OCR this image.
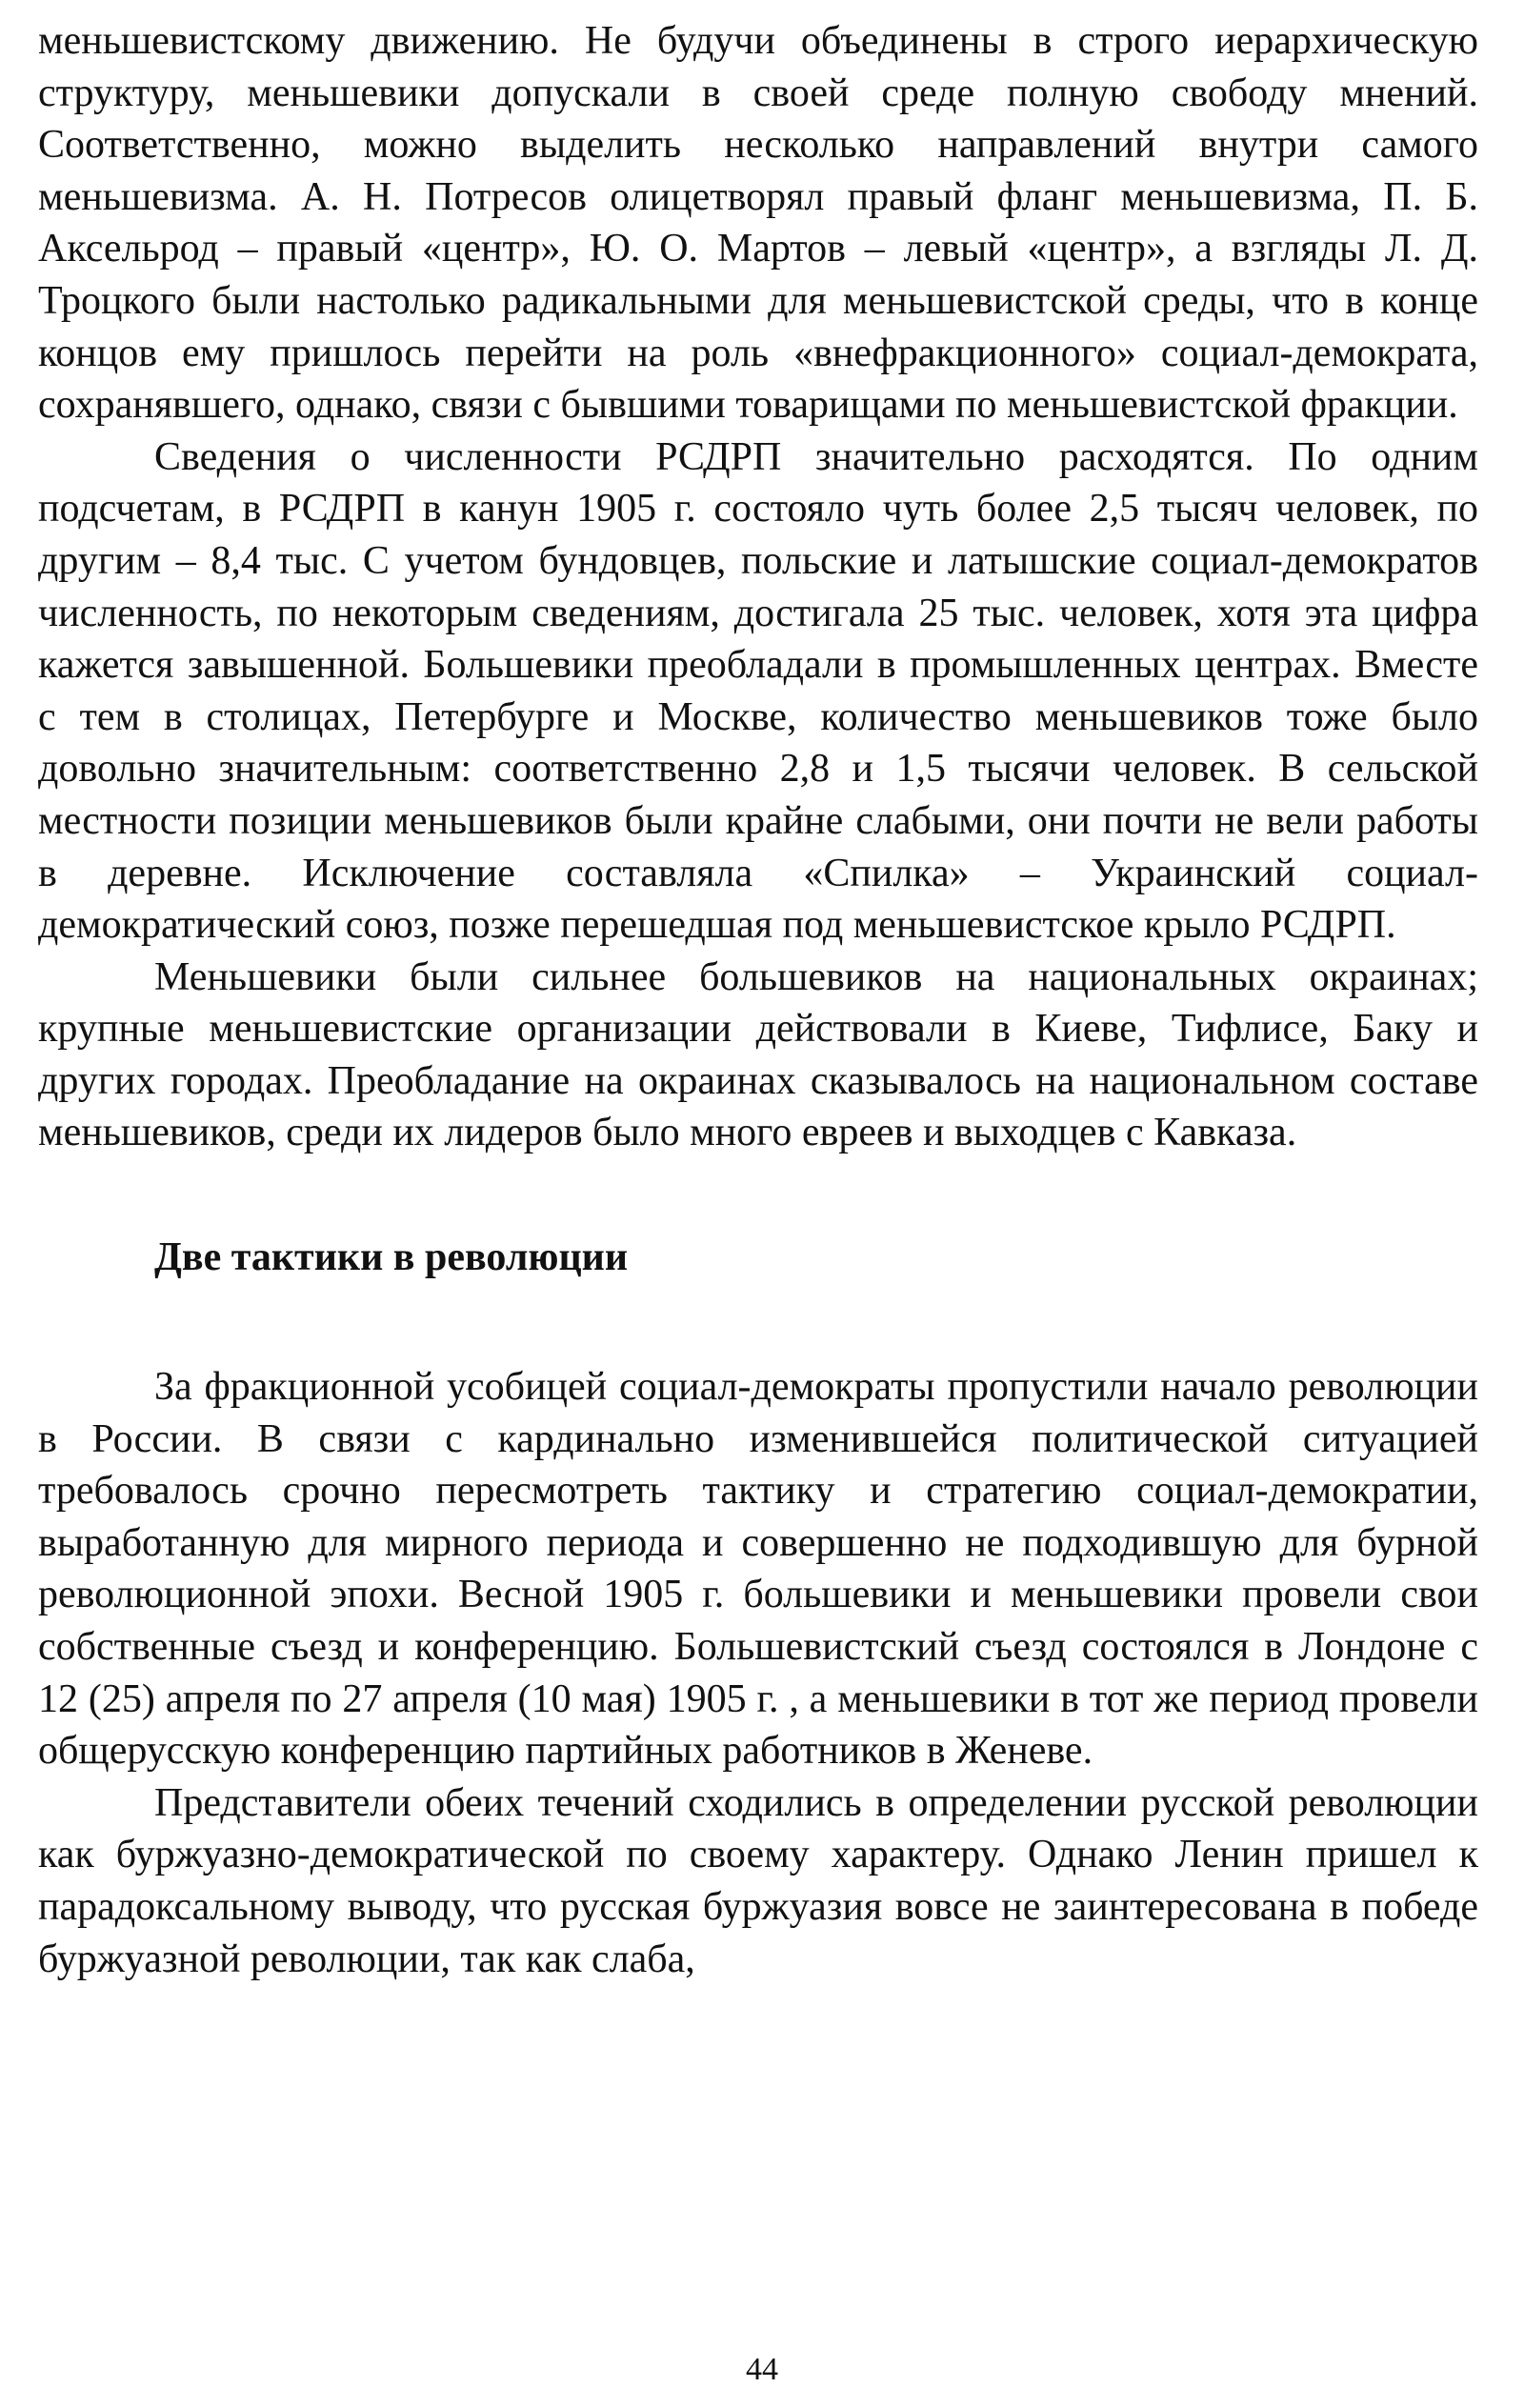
меньшевистскому движению. Не будучи объединены в строго иерархическую структуру, меньшевики допускали в своей среде полную свободу мнений. Соответственно, можно выделить несколько направлений внутри самого меньшевизма. А. Н. Потресов олицетворял правый фланг меньшевизма, П. Б. Аксельрод – правый «центр», Ю. О. Мартов – левый «центр», а взгляды Л. Д. Троцкого были настолько радикальными для меньшевистской среды, что в конце концов ему пришлось перейти на роль «внефракционного» социал-демократа, сохранявшего, однако, связи с бывшими товарищами по меньшевистской фракции.

Сведения о численности РСДРП значительно расходятся. По одним подсчетам, в РСДРП в канун 1905 г. состояло чуть более 2,5 тысяч человек, по другим – 8,4 тыс. С учетом бундовцев, польские и латышские социал-демократов численность, по некоторым сведениям, достигала 25 тыс. человек, хотя эта цифра кажется завышенной. Большевики преобладали в промышленных центрах. Вместе с тем в столицах, Петербурге и Москве, количество меньшевиков тоже было довольно значительным: соответственно 2,8 и 1,5 тысячи человек. В сельской местности позиции меньшевиков были крайне слабыми, они почти не вели работы в деревне. Исключение составляла «Спилка» – Украинский социал-демократический союз, позже перешедшая под меньшевистское крыло РСДРП.

Меньшевики были сильнее большевиков на национальных окраинах; крупные меньшевистские организации действовали в Киеве, Тифлисе, Баку и других городах. Преобладание на окраинах сказывалось на национальном составе меньшевиков, среди их лидеров было много евреев и выходцев с Кавказа.

Две тактики в революции

За фракционной усобицей социал-демократы пропустили начало революции в России. В связи с кардинально изменившейся политической ситуацией требовалось срочно пересмотреть тактику и стратегию социал-демократии, выработанную для мирного периода и совершенно не подходившую для бурной революционной эпохи. Весной 1905 г. большевики и меньшевики провели свои собственные съезд и конференцию. Большевистский съезд состоялся в Лондоне с 12 (25) апреля по 27 апреля (10 мая) 1905 г. , а меньшевики в тот же период провели общерусскую конференцию партийных работников в Женеве.

Представители обеих течений сходились в определении русской революции как буржуазно-демократической по своему характеру. Однако Ленин пришел к парадоксальному выводу, что русская буржуазия вовсе не заинтересована в победе буржуазной революции, так как слаба,

44
